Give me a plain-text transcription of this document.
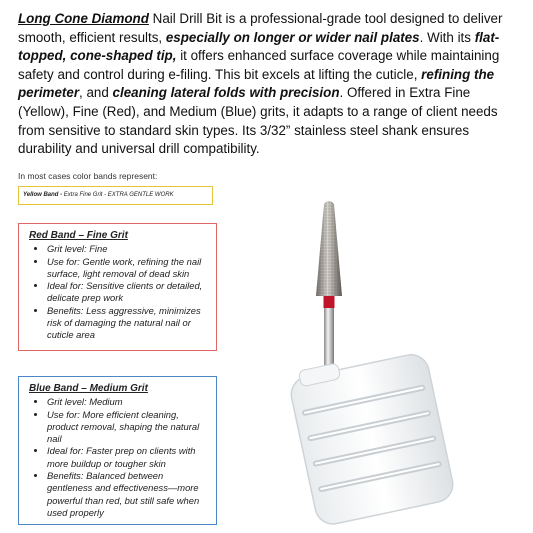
Long Cone Diamond Nail Drill Bit is a professional-grade tool designed to deliver smooth, efficient results, especially on longer or wider nail plates. With its flat-topped, cone-shaped tip, it offers enhanced surface coverage while maintaining safety and control during e-filing. This bit excels at lifting the cuticle, refining the perimeter, and cleaning lateral folds with precision. Offered in Extra Fine (Yellow), Fine (Red), and Medium (Blue) grits, it adapts to a range of client needs from sensitive to standard skin types. Its 3/32” stainless steel shank ensures durability and universal drill compatibility.
In most cases color bands represent:
Yellow Band - Extra Fine Grit - EXTRA GENTLE WORK
Red Band – Fine Grit
• Grit level: Fine
• Use for: Gentle work, refining the nail surface, light removal of dead skin
• Ideal for: Sensitive clients or detailed, delicate prep work
• Benefits: Less aggressive, minimizes risk of damaging the natural nail or cuticle area
Blue Band – Medium Grit
• Grit level: Medium
• Use for: More efficient cleaning, product removal, shaping the natural nail
• Ideal for: Faster prep on clients with more buildup or tougher skin
• Benefits: Balanced between gentleness and effectiveness—more powerful than red, but still safe when used properly
